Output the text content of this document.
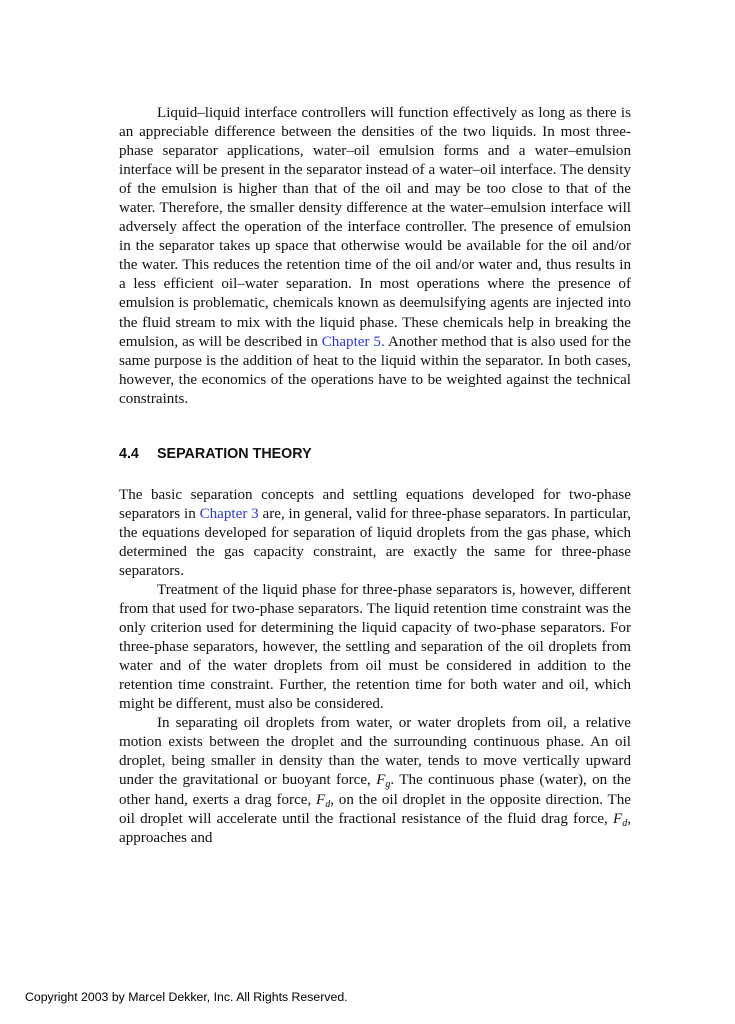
Liquid–liquid interface controllers will function effectively as long as there is an appreciable difference between the densities of the two liquids. In most three-phase separator applications, water–oil emulsion forms and a water–emulsion interface will be present in the separator instead of a water–oil interface. The density of the emulsion is higher than that of the oil and may be too close to that of the water. Therefore, the smaller density difference at the water–emulsion interface will adversely affect the operation of the interface controller. The presence of emulsion in the separator takes up space that otherwise would be available for the oil and/or the water. This reduces the retention time of the oil and/or water and, thus results in a less efficient oil–water separation. In most operations where the presence of emulsion is problematic, chemicals known as deemulsifying agents are injected into the fluid stream to mix with the liquid phase. These chemicals help in breaking the emulsion, as will be described in Chapter 5. Another method that is also used for the same purpose is the addition of heat to the liquid within the separator. In both cases, however, the economics of the operations have to be weighted against the technical constraints.

4.4 SEPARATION THEORY

The basic separation concepts and settling equations developed for two-phase separators in Chapter 3 are, in general, valid for three-phase separators. In particular, the equations developed for separation of liquid droplets from the gas phase, which determined the gas capacity constraint, are exactly the same for three-phase separators.

Treatment of the liquid phase for three-phase separators is, however, different from that used for two-phase separators. The liquid retention time constraint was the only criterion used for determining the liquid capacity of two-phase separators. For three-phase separators, however, the settling and separation of the oil droplets from water and of the water droplets from oil must be considered in addition to the retention time constraint. Further, the retention time for both water and oil, which might be different, must also be considered.

In separating oil droplets from water, or water droplets from oil, a relative motion exists between the droplet and the surrounding continuous phase. An oil droplet, being smaller in density than the water, tends to move vertically upward under the gravitational or buoyant force, $F_g$. The continuous phase (water), on the other hand, exerts a drag force, $F_d$, on the oil droplet in the opposite direction. The oil droplet will accelerate until the fractional resistance of the fluid drag force, $F_d$, approaches and

Copyright 2003 by Marcel Dekker, Inc. All Rights Reserved.
